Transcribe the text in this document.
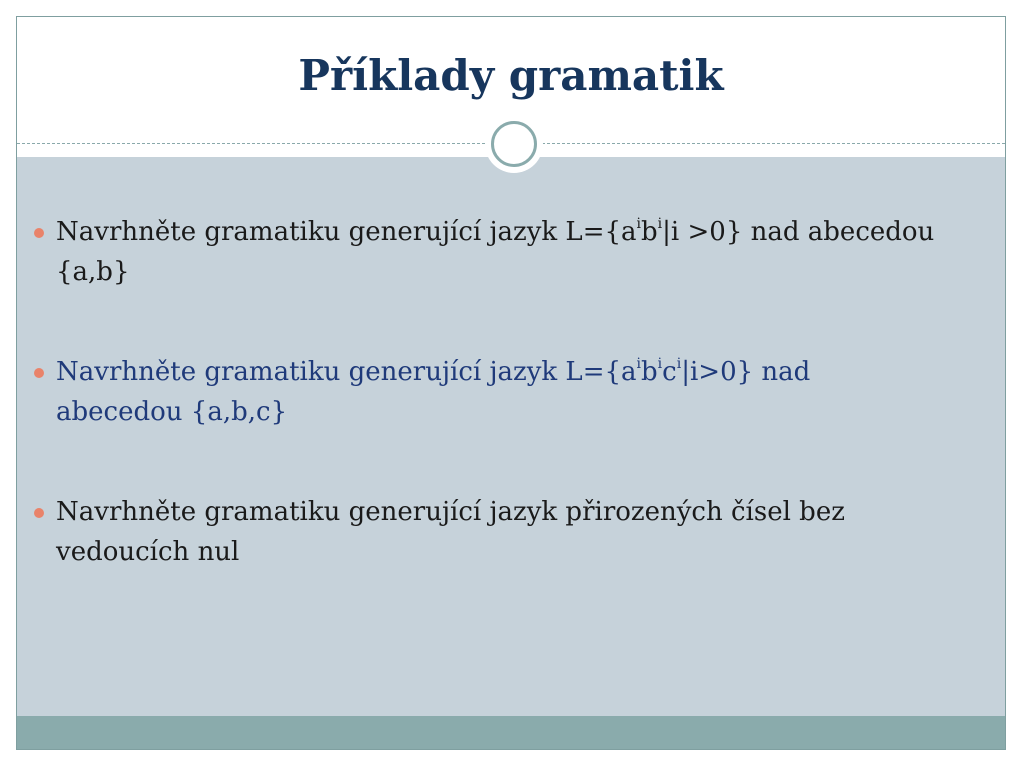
Příklady gramatik
Navrhněte gramatiku generující jazyk $L=\{a^ib^i|i >0\}$ nad abecedou {a,b}
Navrhněte gramatiku generující jazyk $L=\{a^ib^ic^i|i>0\}$ nad abecedou {a,b,c}
Navrhněte gramatiku generující jazyk přirozených čísel bez vedoucích nul
